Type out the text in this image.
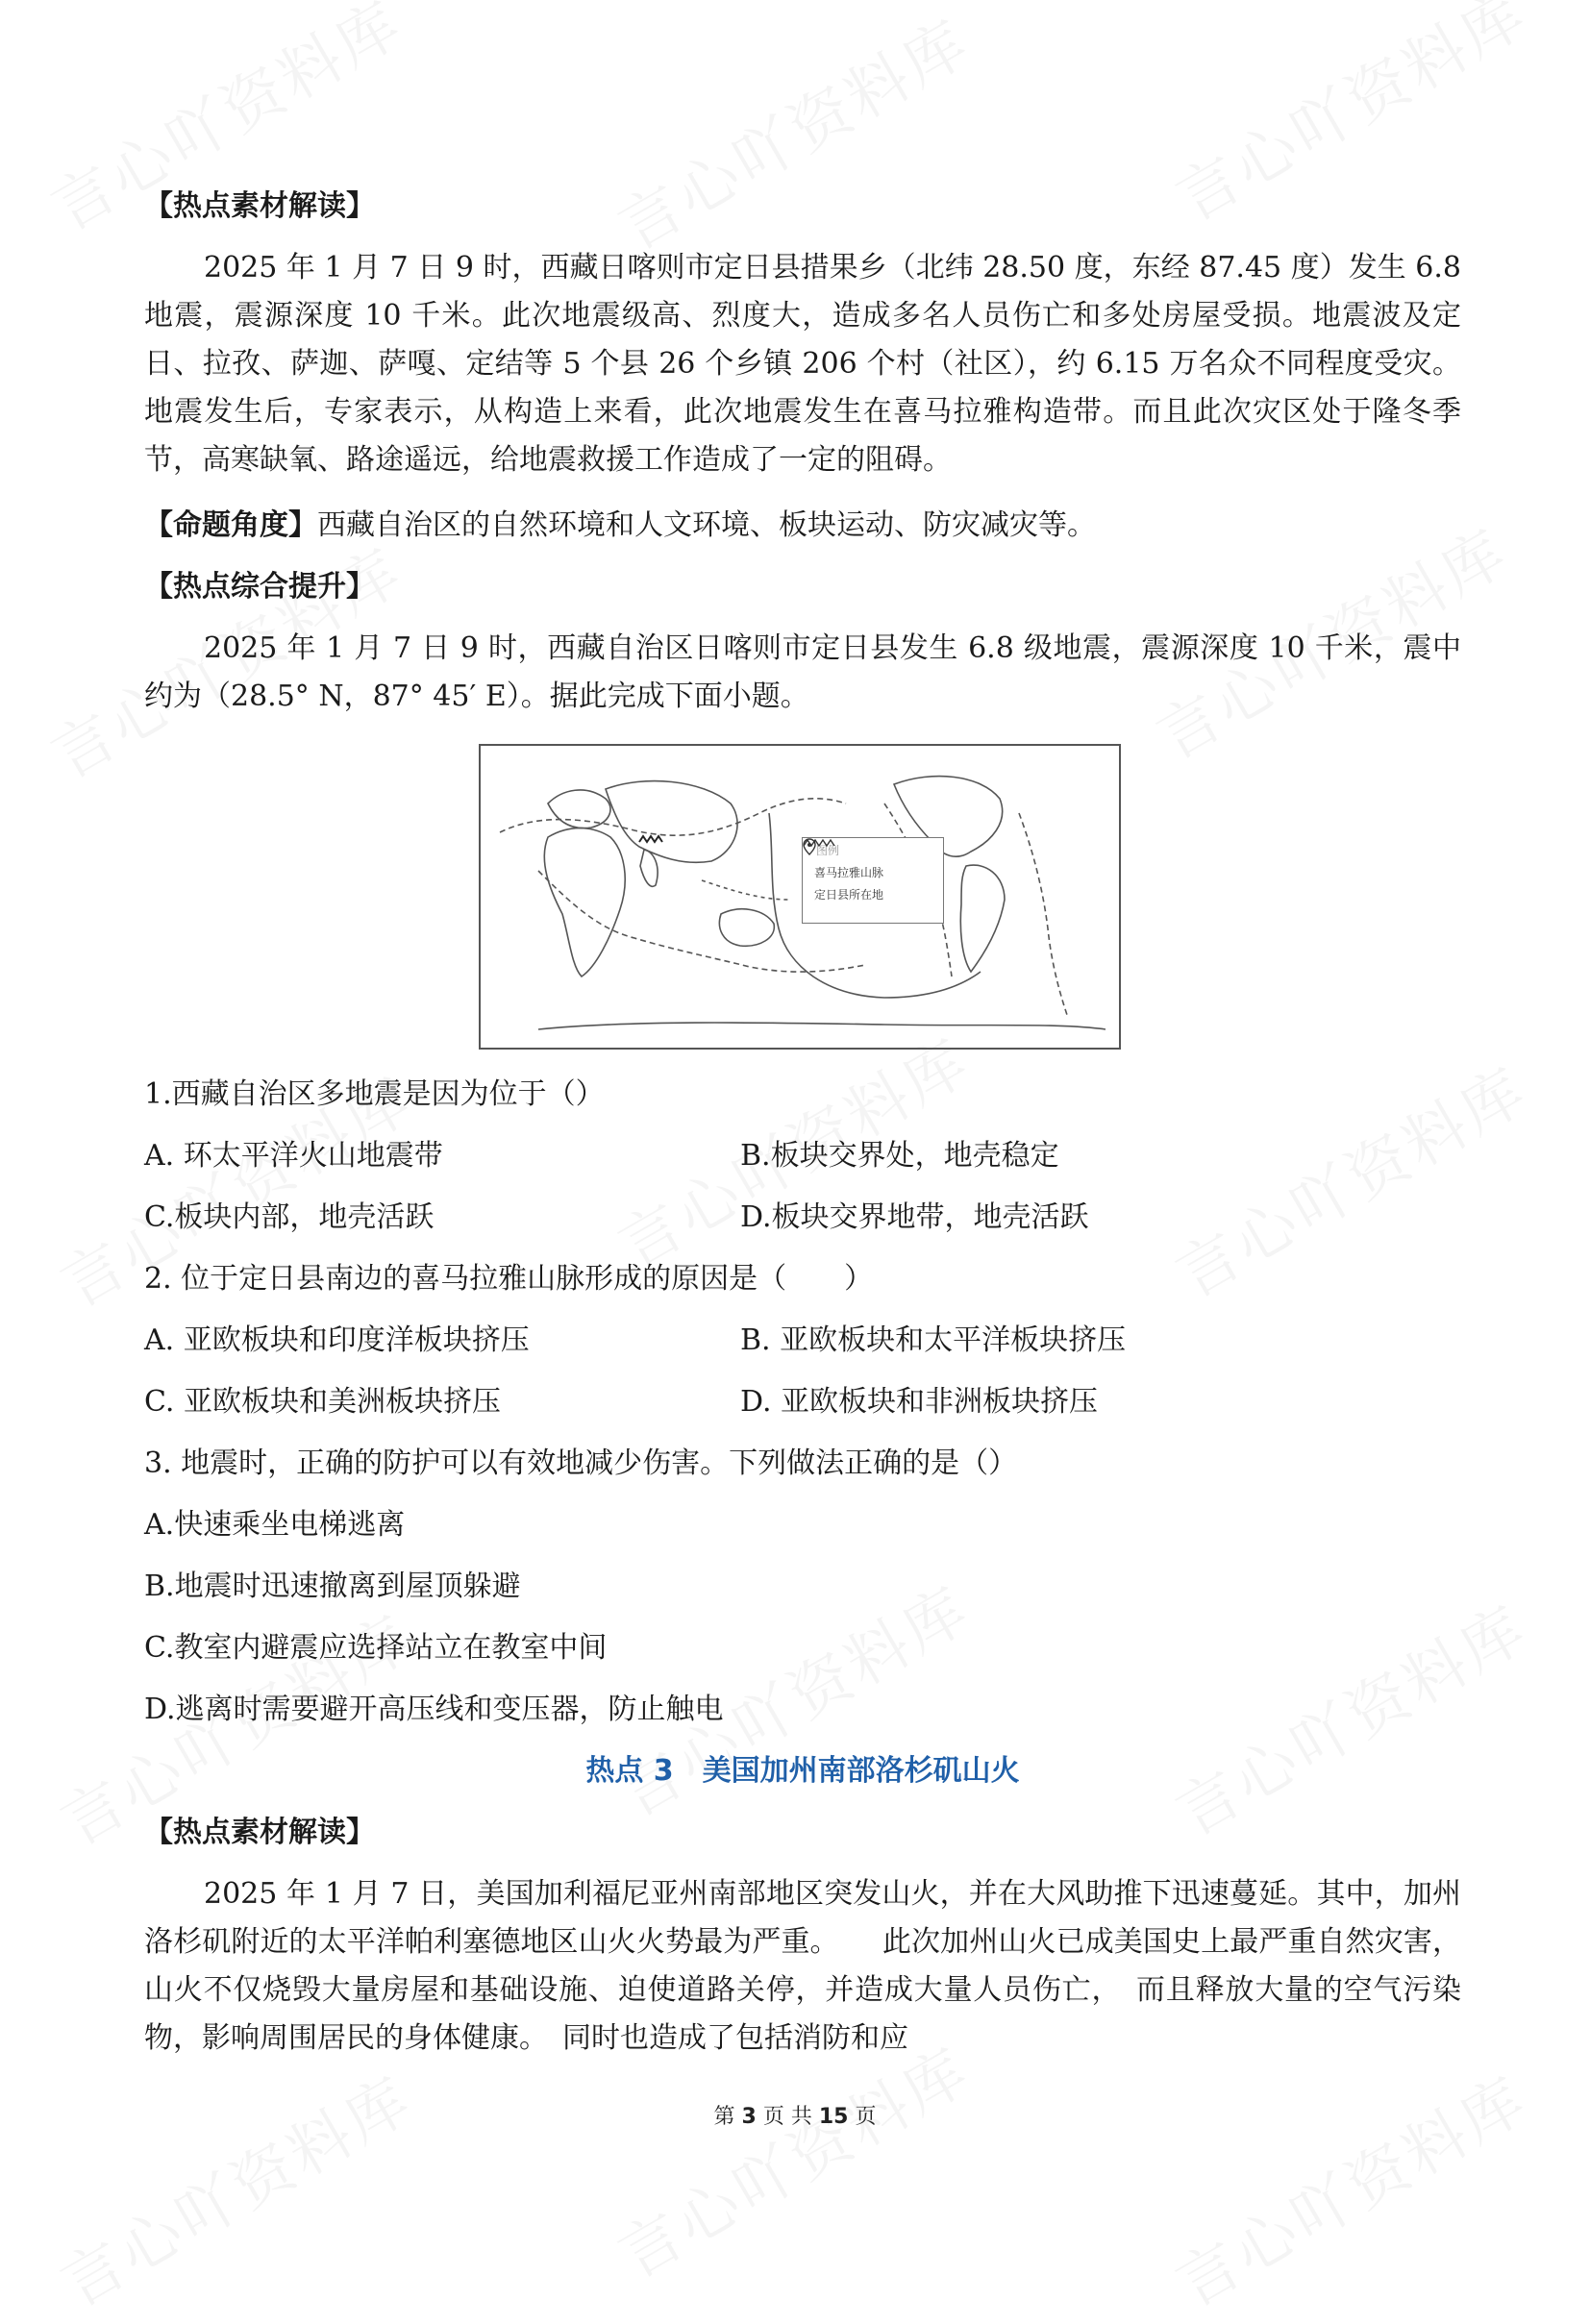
【热点素材解读】
2025 年 1 月 7 日 9 时，西藏日喀则市定日县措果乡（北纬 28.50 度，东经 87.45 度）发生 6.8 地震，震源深度 10 千米。此次地震级高、烈度大，造成多名人员伤亡和多处房屋受损。地震波及定日、拉孜、萨迦、萨嘎、定结等 5 个县 26 个乡镇 206 个村（社区），约 6.15 万名众不同程度受灾。地震发生后，专家表示，从构造上来看，此次地震发生在喜马拉雅构造带。而且此次灾区处于隆冬季节，高寒缺氧、路途遥远，给地震救援工作造成了一定的阻碍。
【命题角度】西藏自治区的自然环境和人文环境、板块运动、防灾减灾等。
【热点综合提升】
2025 年 1 月 7 日 9 时，西藏自治区日喀则市定日县发生 6.8 级地震，震源深度 10 千米，震中约为（28.5° N，87° 45′ E）。据此完成下面小题。
图例
喜马拉雅山脉
定日县所在地
1.西藏自治区多地震是因为位于（）
A. 环太平洋火山地震带	B.板块交界处，地壳稳定
C.板块内部，地壳活跃	D.板块交界地带，地壳活跃
2. 位于定日县南边的喜马拉雅山脉形成的原因是（　　）
A. 亚欧板块和印度洋板块挤压	B. 亚欧板块和太平洋板块挤压
C. 亚欧板块和美洲板块挤压	D. 亚欧板块和非洲板块挤压
3. 地震时，正确的防护可以有效地减少伤害。下列做法正确的是（）
A.快速乘坐电梯逃离
B.地震时迅速撤离到屋顶躲避
C.教室内避震应选择站立在教室中间
D.逃离时需要避开高压线和变压器，防止触电
热点 3　美国加州南部洛杉矶山火
【热点素材解读】
2025 年 1 月 7 日，美国加利福尼亚州南部地区突发山火，并在大风助推下迅速蔓延。其中，加州洛杉矶附近的太平洋帕利塞德地区山火火势最为严重。　　此次加州山火已成美国史上最严重自然灾害，山火不仅烧毁大量房屋和基础设施、迫使道路关停，并造成大量人员伤亡，　而且释放大量的空气污染物，影响周围居民的身体健康。　同时也造成了包括消防和应
第 3 页 共 15 页
